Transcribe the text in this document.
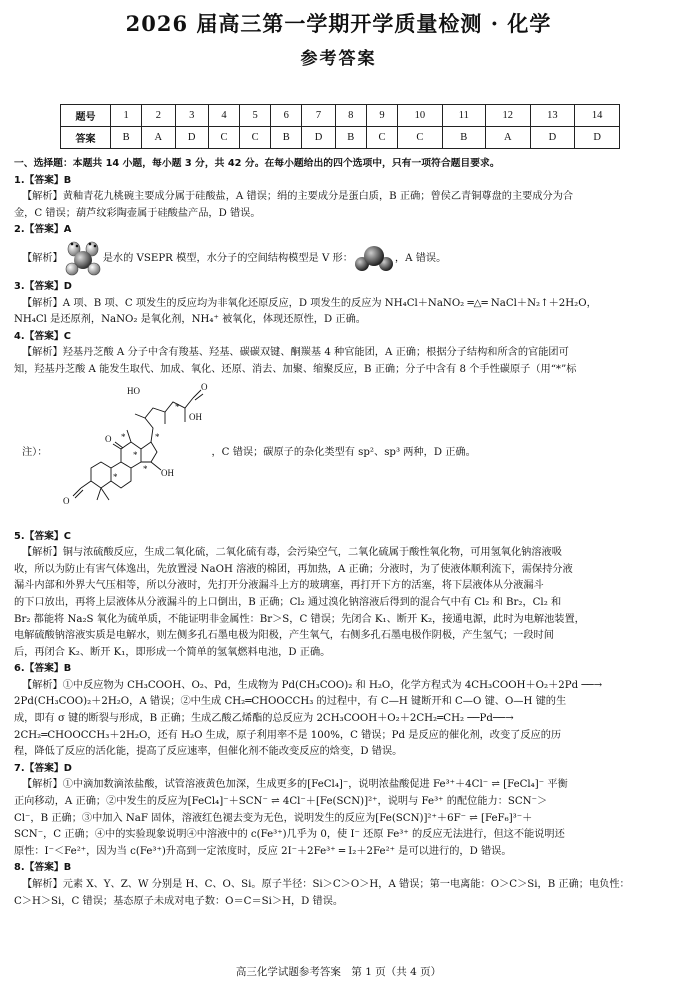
2026 届高三第一学期开学质量检测 · 化学
参考答案
题号	1	2	3	4	5	6	7	8	9	10	11	12	13	14
答案	B	A	D	C	C	B	D	B	C	C	B	A	D	D
一、选择题：本题共 14 小题，每小题 3 分，共 42 分。在每小题给出的四个选项中，只有一项符合题目要求。
1.【答案】B
【解析】黄釉青花九桃碗主要成分属于硅酸盐，A 错误；绢的主要成分是蛋白质，B 正确；曾侯乙青铜尊盘的主要成分为合
金，C 错误；葫芦纹彩陶壶属于硅酸盐产品，D 错误。
2.【答案】A
【解析】	是水的 VSEPR 模型，水分子的空间结构模型是 V 形：	，A 错误。
3.【答案】D
【解析】A 项、B 项、C 项发生的反应均为非氧化还原反应，D 项发生的反应为 NH₄Cl＋NaNO₂ ═△═ NaCl＋N₂↑＋2H₂O，
NH₄Cl 是还原剂，NaNO₂ 是氧化剂，NH₄⁺ 被氧化，体现还原性，D 正确。
4.【答案】C
【解析】羟基丹芝酸 A 分子中含有羧基、羟基、碳碳双键、酮羰基 4 种官能团，A 正确；根据分子结构和所含的官能团可
知，羟基丹芝酸 A 能发生取代、加成、氧化、还原、消去、加聚、缩聚反应，B 正确；分子中含有 8 个手性碳原子（用“*”标
注）：
HO
OH
OH
O
O
O
*
*
*
*
*
*
，C 错误；碳原子的杂化类型有 sp²、sp³ 两种，D 正确。
5.【答案】C
【解析】铜与浓硫酸反应，生成二氧化硫，二氧化硫有毒，会污染空气，二氧化硫属于酸性氧化物，可用氢氧化钠溶液吸
收，所以为防止有害气体逸出，先放置浸 NaOH 溶液的棉团，再加热，A 正确；分液时，为了使液体顺利流下，需保持分液
漏斗内部和外界大气压相等，所以分液时，先打开分液漏斗上方的玻璃塞，再打开下方的活塞，将下层液体从分液漏斗
的下口放出，再将上层液体从分液漏斗的上口倒出，B 正确；Cl₂ 通过溴化钠溶液后得到的混合气中有 Cl₂ 和 Br₂，Cl₂ 和
Br₂ 都能将 Na₂S 氧化为硫单质，不能证明非金属性：Br＞S，C 错误；先闭合 K₁、断开 K₂，接通电源，此时为电解池装置，
电解硫酸钠溶液实质是电解水，则左侧多孔石墨电极为阳极，产生氧气，右侧多孔石墨电极作阴极，产生氢气；一段时间
后，再闭合 K₂、断开 K₁，即形成一个简单的氢氧燃料电池，D 正确。
6.【答案】B
【解析】①中反应物为 CH₃COOH、O₂、Pd，生成物为 Pd(CH₃COO)₂ 和 H₂O，化学方程式为 4CH₃COOH＋O₂＋2Pd ──→
2Pd(CH₃COO)₂＋2H₂O，A 错误；②中生成 CH₂═CHOOCCH₃ 的过程中，有 C—H 键断开和 C—O 键、O—H 键的生
成，即有 σ 键的断裂与形成，B 正确；生成乙酸乙烯酯的总反应为 2CH₃COOH＋O₂＋2CH₂═CH₂ ──Pd──→
2CH₂═CHOOCCH₃＋2H₂O，还有 H₂O 生成，原子利用率不是 100%，C 错误；Pd 是反应的催化剂，改变了反应的历
程，降低了反应的活化能，提高了反应速率，但催化剂不能改变反应的焓变，D 错误。
7.【答案】D
【解析】①中滴加数滴浓盐酸，试管溶液黄色加深，生成更多的[FeCl₄]⁻，说明浓盐酸促进 Fe³⁺＋4Cl⁻ ⇌ [FeCl₄]⁻ 平衡
正向移动，A 正确；②中发生的反应为[FeCl₄]⁻＋SCN⁻ ⇌ 4Cl⁻＋[Fe(SCN)]²⁺，说明与 Fe³⁺ 的配位能力：SCN⁻＞
Cl⁻，B 正确；③中加入 NaF 固体，溶液红色褪去变为无色，说明发生的反应为[Fe(SCN)]²⁺＋6F⁻ ⇌ [FeF₆]³⁻＋
SCN⁻，C 正确；④中的实验现象说明④中溶液中的 c(Fe³⁺)几乎为 0，使 I⁻ 还原 Fe³⁺ 的反应无法进行，但这不能说明还
原性：I⁻＜Fe²⁺，因为当 c(Fe³⁺)升高到一定浓度时，反应 2I⁻＋2Fe³⁺ ═ I₂＋2Fe²⁺ 是可以进行的，D 错误。
8.【答案】B
【解析】元素 X、Y、Z、W 分别是 H、C、O、Si。原子半径：Si＞C＞O＞H，A 错误；第一电离能：O＞C＞Si，B 正确；电负性：
C＞H＞Si，C 错误；基态原子未成对电子数：O＝C＝Si＞H，D 错误。
高三化学试题参考答案　第 1 页（共 4 页）
